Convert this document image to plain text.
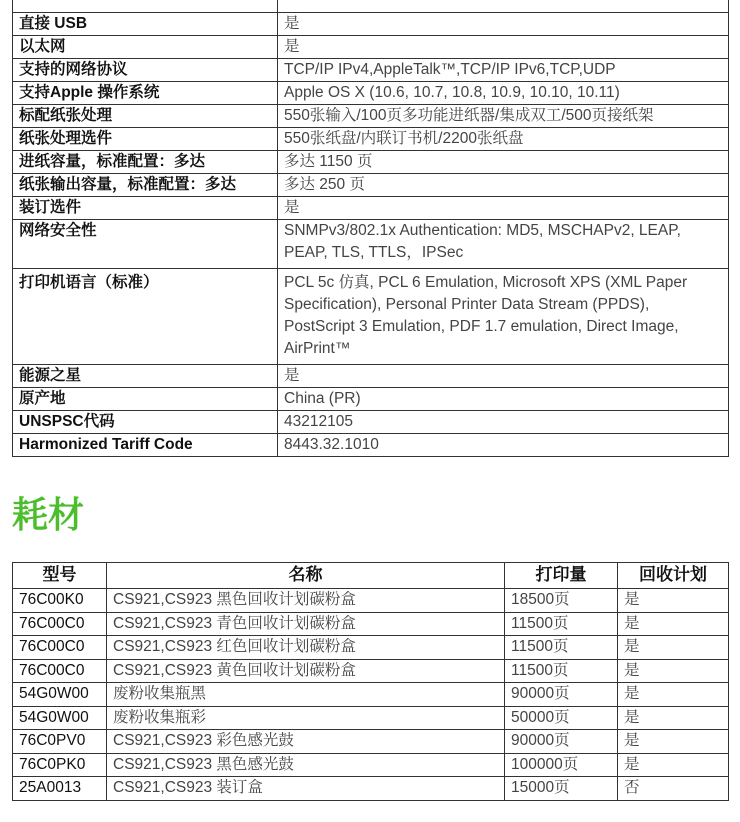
直接 USB	是
以太网	是
支持的网络协议	TCP/IP IPv4,AppleTalk™,TCP/IP IPv6,TCP,UDP
支持Apple 操作系统	Apple OS X (10.6, 10.7, 10.8, 10.9, 10.10, 10.11)
标配纸张处理	550张输入/100页多功能进纸器/集成双工/500页接纸架
纸张处理选件	550张纸盘/内联订书机/2200张纸盘
进纸容量，标准配置：多达	多达 1150 页
纸张输出容量，标准配置：多达	多达 250 页
装订选件	是
网络安全性	SNMPv3/802.1x Authentication: MD5, MSCHAPv2, LEAP, PEAP, TLS, TTLS，IPSec
打印机语言（标准）	PCL 5c 仿真, PCL 6 Emulation, Microsoft XPS (XML Paper Specification), Personal Printer Data Stream (PPDS), PostScript 3 Emulation, PDF 1.7 emulation, Direct Image, AirPrint™
能源之星	是
原产地	China (PR)
UNSPSC代码	43212105
Harmonized Tariff Code	8443.32.1010
耗材
型号	名称	打印量	回收计划
76C00K0	CS921,CS923 黑色回收计划碳粉盒	18500页	是
76C00C0	CS921,CS923 青色回收计划碳粉盒	11500页	是
76C00C0	CS921,CS923 红色回收计划碳粉盒	11500页	是
76C00C0	CS921,CS923 黄色回收计划碳粉盒	11500页	是
54G0W00	废粉收集瓶黑	90000页	是
54G0W00	废粉收集瓶彩	50000页	是
76C0PV0	CS921,CS923 彩色感光鼓	90000页	是
76C0PK0	CS921,CS923 黑色感光鼓	100000页	是
25A0013	CS921,CS923 装订盒	15000页	否
